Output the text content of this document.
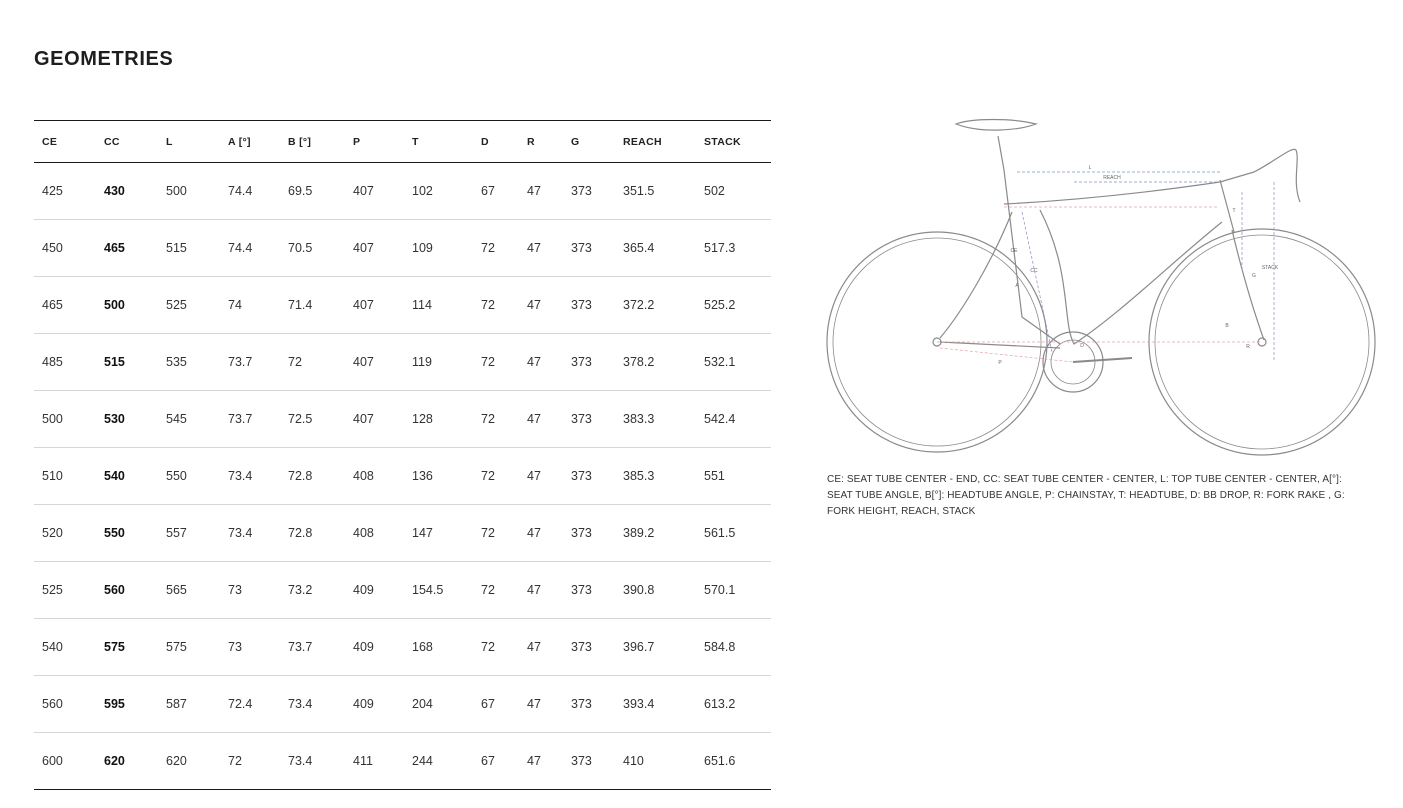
GEOMETRIES
CE	CC	L	A [°]	B [°]	P	T	D	R	G	REACH	STACK
425	430	500	74.4	69.5	407	102	67	47	373	351.5	502
450	465	515	74.4	70.5	407	109	72	47	373	365.4	517.3
465	500	525	74	71.4	407	114	72	47	373	372.2	525.2
485	515	535	73.7	72	407	119	72	47	373	378.2	532.1
500	530	545	73.7	72.5	407	128	72	47	373	383.3	542.4
510	540	550	73.4	72.8	408	136	72	47	373	385.3	551
520	550	557	73.4	72.8	408	147	72	47	373	389.2	561.5
525	560	565	73	73.2	409	154.5	72	47	373	390.8	570.1
540	575	575	73	73.7	409	168	72	47	373	396.7	584.8
560	595	587	72.4	73.4	409	204	67	47	373	393.4	613.2
600	620	620	72	73.4	411	244	67	47	373	410	651.6
L
REACH
STACK
A
B
CE
CC
P
T
D	R
G

CE: SEAT TUBE CENTER - END, CC: SEAT TUBE CENTER - CENTER, L: TOP TUBE CENTER - CENTER, A[°]: SEAT TUBE ANGLE, B[°]: HEADTUBE ANGLE, P: CHAINSTAY, T: HEADTUBE, D: BB DROP, R: FORK RAKE , G: FORK HEIGHT, REACH, STACK
